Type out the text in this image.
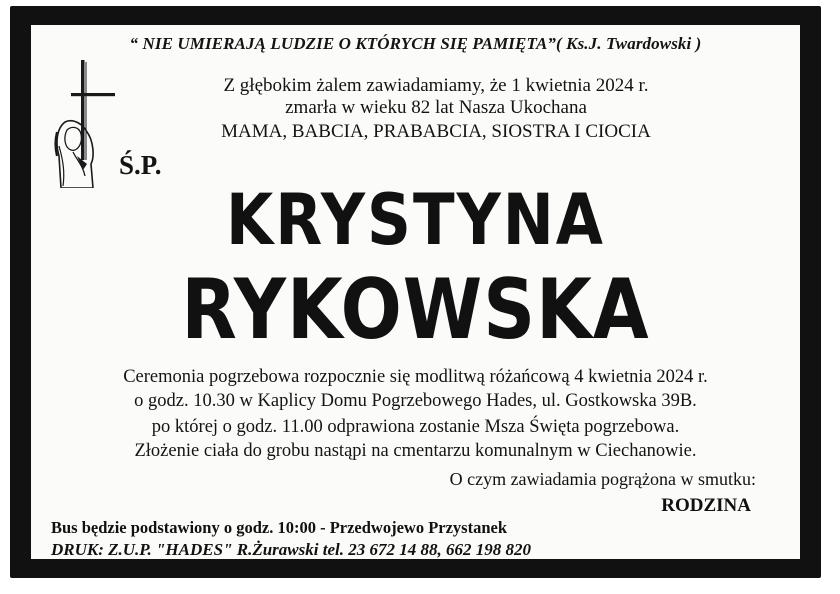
“ NIE UMIERAJĄ LUDZIE O KTÓRYCH SIĘ PAMIĘTA”( Ks.J. Twardowski )
Z głębokim żalem zawiadamiamy, że 1 kwietnia 2024 r.
zmarła w wieku 82 lat Nasza Ukochana
MAMA, BABCIA, PRABABCIA, SIOSTRA I CIOCIA
Ś.P.
KRYSTYNA
RYKOWSKA
Ceremonia pogrzebowa rozpocznie się modlitwą różańcową 4 kwietnia 2024 r.
o godz. 10.30 w Kaplicy Domu Pogrzebowego Hades, ul. Gostkowska 39B.
po której o godz. 11.00 odprawiona zostanie Msza Święta pogrzebowa.
Złożenie ciała do grobu nastąpi na cmentarzu komunalnym w Ciechanowie.
O czym zawiadamia pogrążona w smutku:
RODZINA
Bus będzie podstawiony o godz. 10:00 - Przedwojewo Przystanek
DRUK: Z.U.P. "HADES" R.Żurawski tel. 23 672 14 88, 662 198 820
